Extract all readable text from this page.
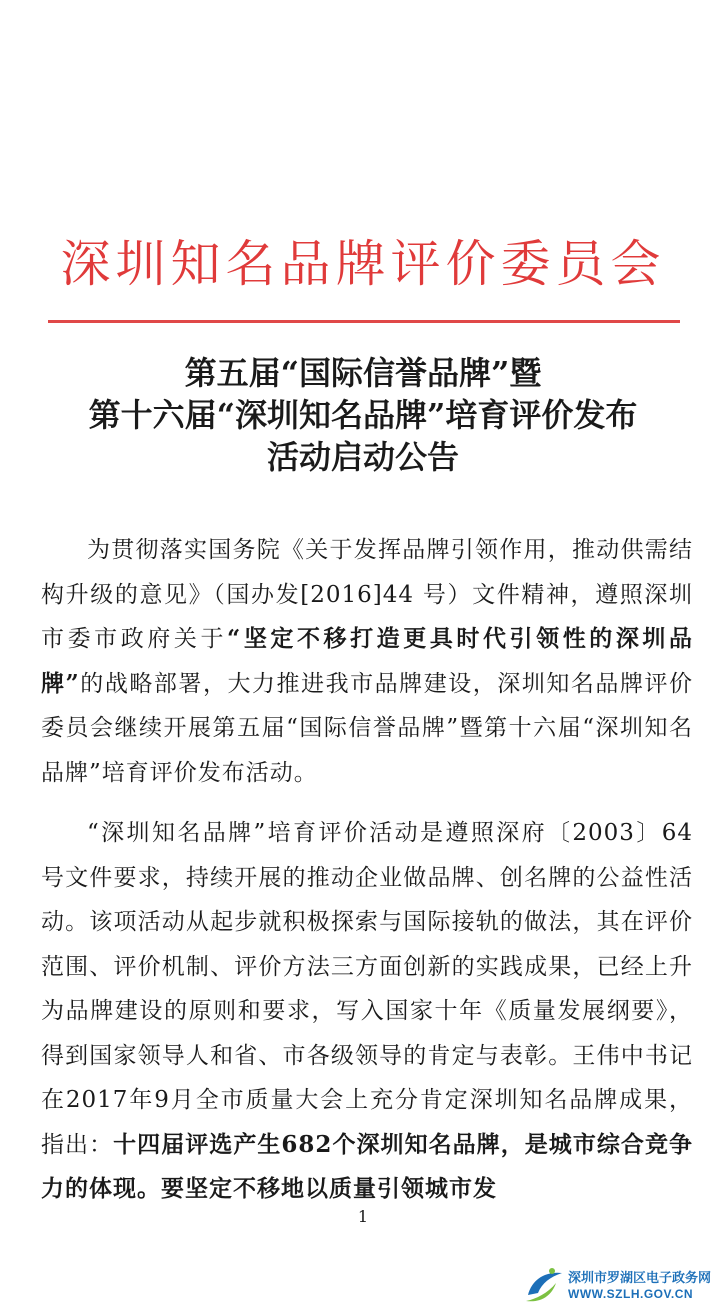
深圳知名品牌评价委员会
第五届“国际信誉品牌”暨
第十六届“深圳知名品牌”培育评价发布
活动启动公告

为贯彻落实国务院《关于发挥品牌引领作用，推动供需结构升级的意见》（国办发[2016]44 号）文件精神，遵照深圳市委市政府关于“坚定不移打造更具时代引领性的深圳品牌”的战略部署，大力推进我市品牌建设，深圳知名品牌评价委员会继续开展第五届“国际信誉品牌”暨第十六届“深圳知名品牌”培育评价发布活动。

“深圳知名品牌”培育评价活动是遵照深府〔2003〕64 号文件要求，持续开展的推动企业做品牌、创名牌的公益性活动。该项活动从起步就积极探索与国际接轨的做法，其在评价范围、评价机制、评价方法三方面创新的实践成果，已经上升为品牌建设的原则和要求，写入国家十年《质量发展纲要》，得到国家领导人和省、市各级领导的肯定与表彰。王伟中书记在2017年9月全市质量大会上充分肯定深圳知名品牌成果，指出：十四届评选产生682个深圳知名品牌，是城市综合竞争力的体现。要坚定不移地以质量引领城市发

1
深圳市罗湖区电子政务网
WWW.SZLH.GOV.CN
